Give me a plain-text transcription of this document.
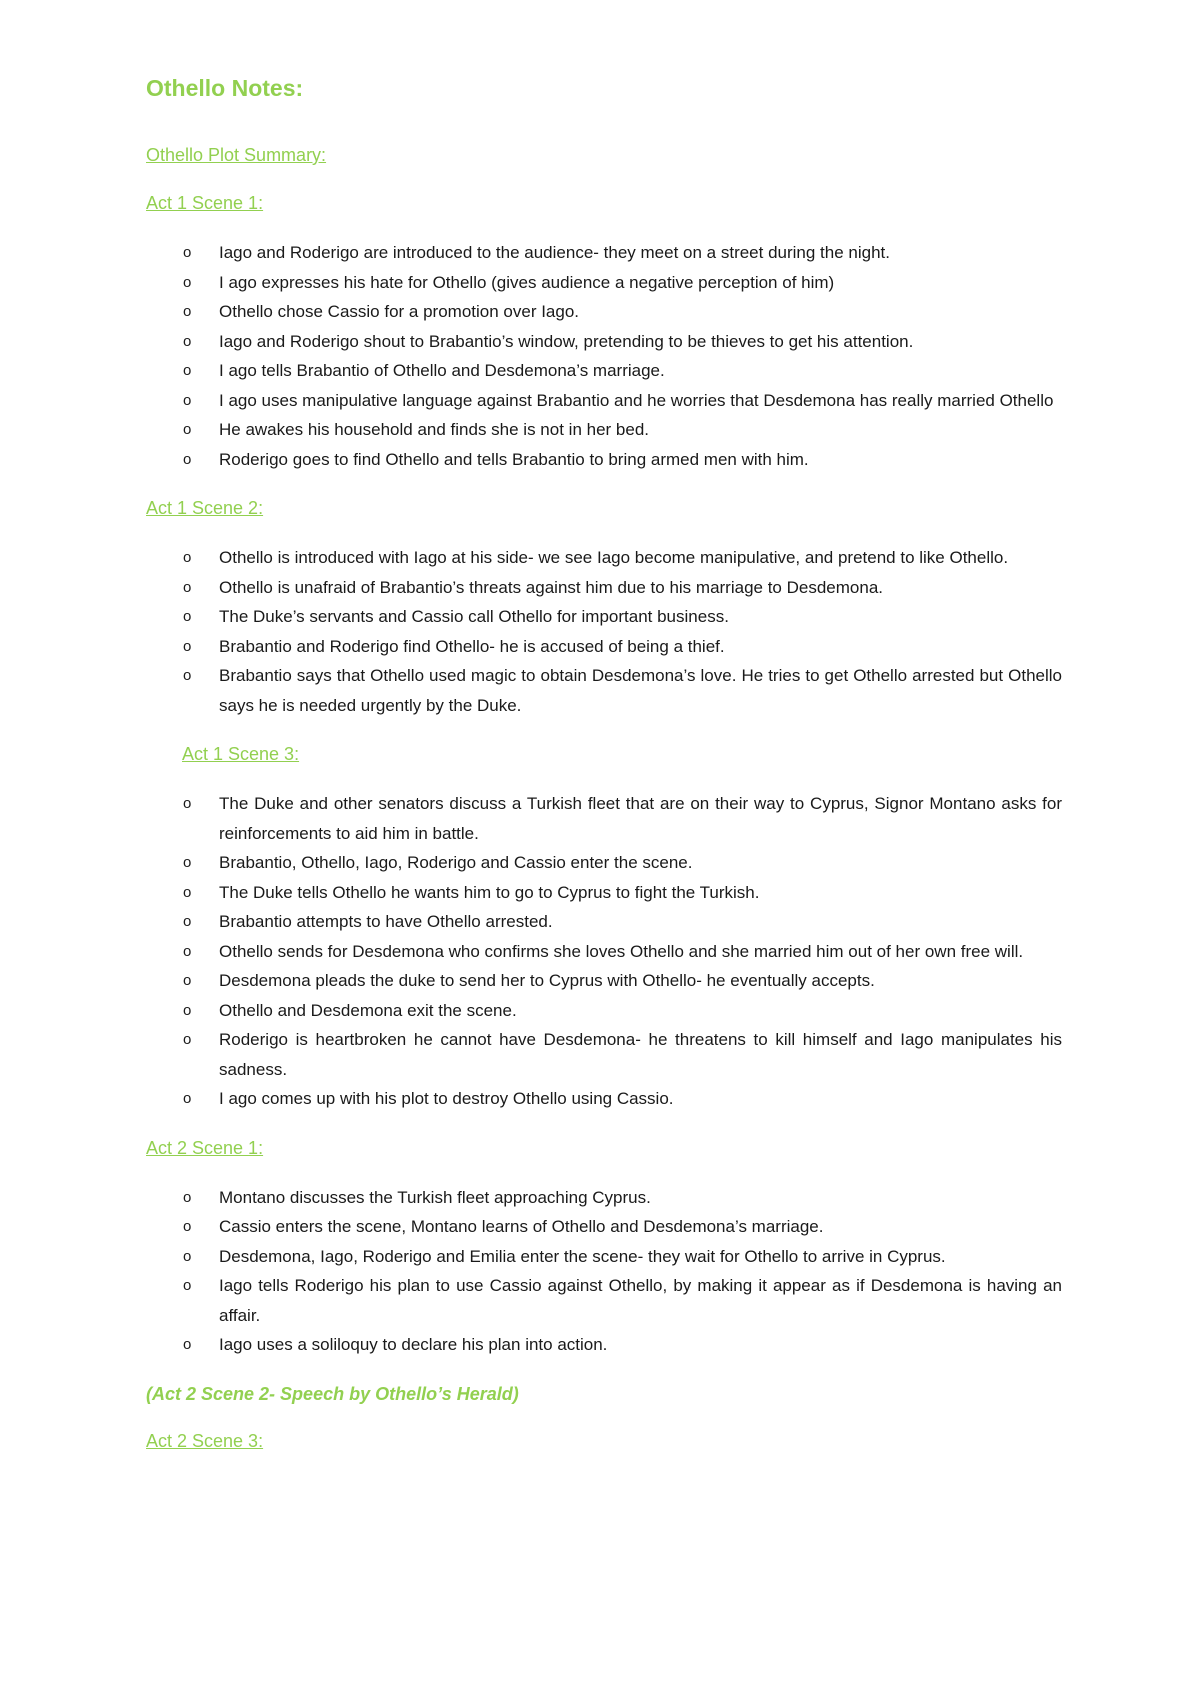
Othello Notes:
Othello Plot Summary:
Act 1 Scene 1:
o Iago and Roderigo are introduced to the audience- they meet on a street during the night.
o I ago expresses his hate for Othello (gives audience a negative perception of him)
o Othello chose Cassio for a promotion over Iago.
o Iago and Roderigo shout to Brabantio’s window, pretending to be thieves to get his attention.
o I ago tells Brabantio of Othello and Desdemona’s marriage.
o I ago uses manipulative language against Brabantio and he worries that Desdemona has really married Othello
o He awakes his household and finds she is not in her bed.
o Roderigo goes to find Othello and tells Brabantio to bring armed men with him.
Act 1 Scene 2:
o Othello is introduced with Iago at his side- we see Iago become manipulative, and pretend to like Othello.
o Othello is unafraid of Brabantio’s threats against him due to his marriage to Desdemona.
o The Duke’s servants and Cassio call Othello for important business.
o Brabantio and Roderigo find Othello- he is accused of being a thief.
o Brabantio says that Othello used magic to obtain Desdemona’s love. He tries to get Othello arrested but Othello says he is needed urgently by the Duke.
Act 1 Scene 3:
o The Duke and other senators discuss a Turkish fleet that are on their way to Cyprus, Signor Montano asks for reinforcements to aid him in battle.
o Brabantio, Othello, Iago, Roderigo and Cassio enter the scene.
o The Duke tells Othello he wants him to go to Cyprus to fight the Turkish.
o Brabantio attempts to have Othello arrested.
o Othello sends for Desdemona who confirms she loves Othello and she married him out of her own free will.
o Desdemona pleads the duke to send her to Cyprus with Othello- he eventually accepts.
o Othello and Desdemona exit the scene.
o Roderigo is heartbroken he cannot have Desdemona- he threatens to kill himself and Iago manipulates his sadness.
o I ago comes up with his plot to destroy Othello using Cassio.
Act 2 Scene 1:
o Montano discusses the Turkish fleet approaching Cyprus.
o Cassio enters the scene, Montano learns of Othello and Desdemona’s marriage.
o Desdemona, Iago, Roderigo and Emilia enter the scene- they wait for Othello to arrive in Cyprus.
o Iago tells Roderigo his plan to use Cassio against Othello, by making it appear as if Desdemona is having an affair.
o Iago uses a soliloquy to declare his plan into action.
(Act 2 Scene 2- Speech by Othello’s Herald)
Act 2 Scene 3:
